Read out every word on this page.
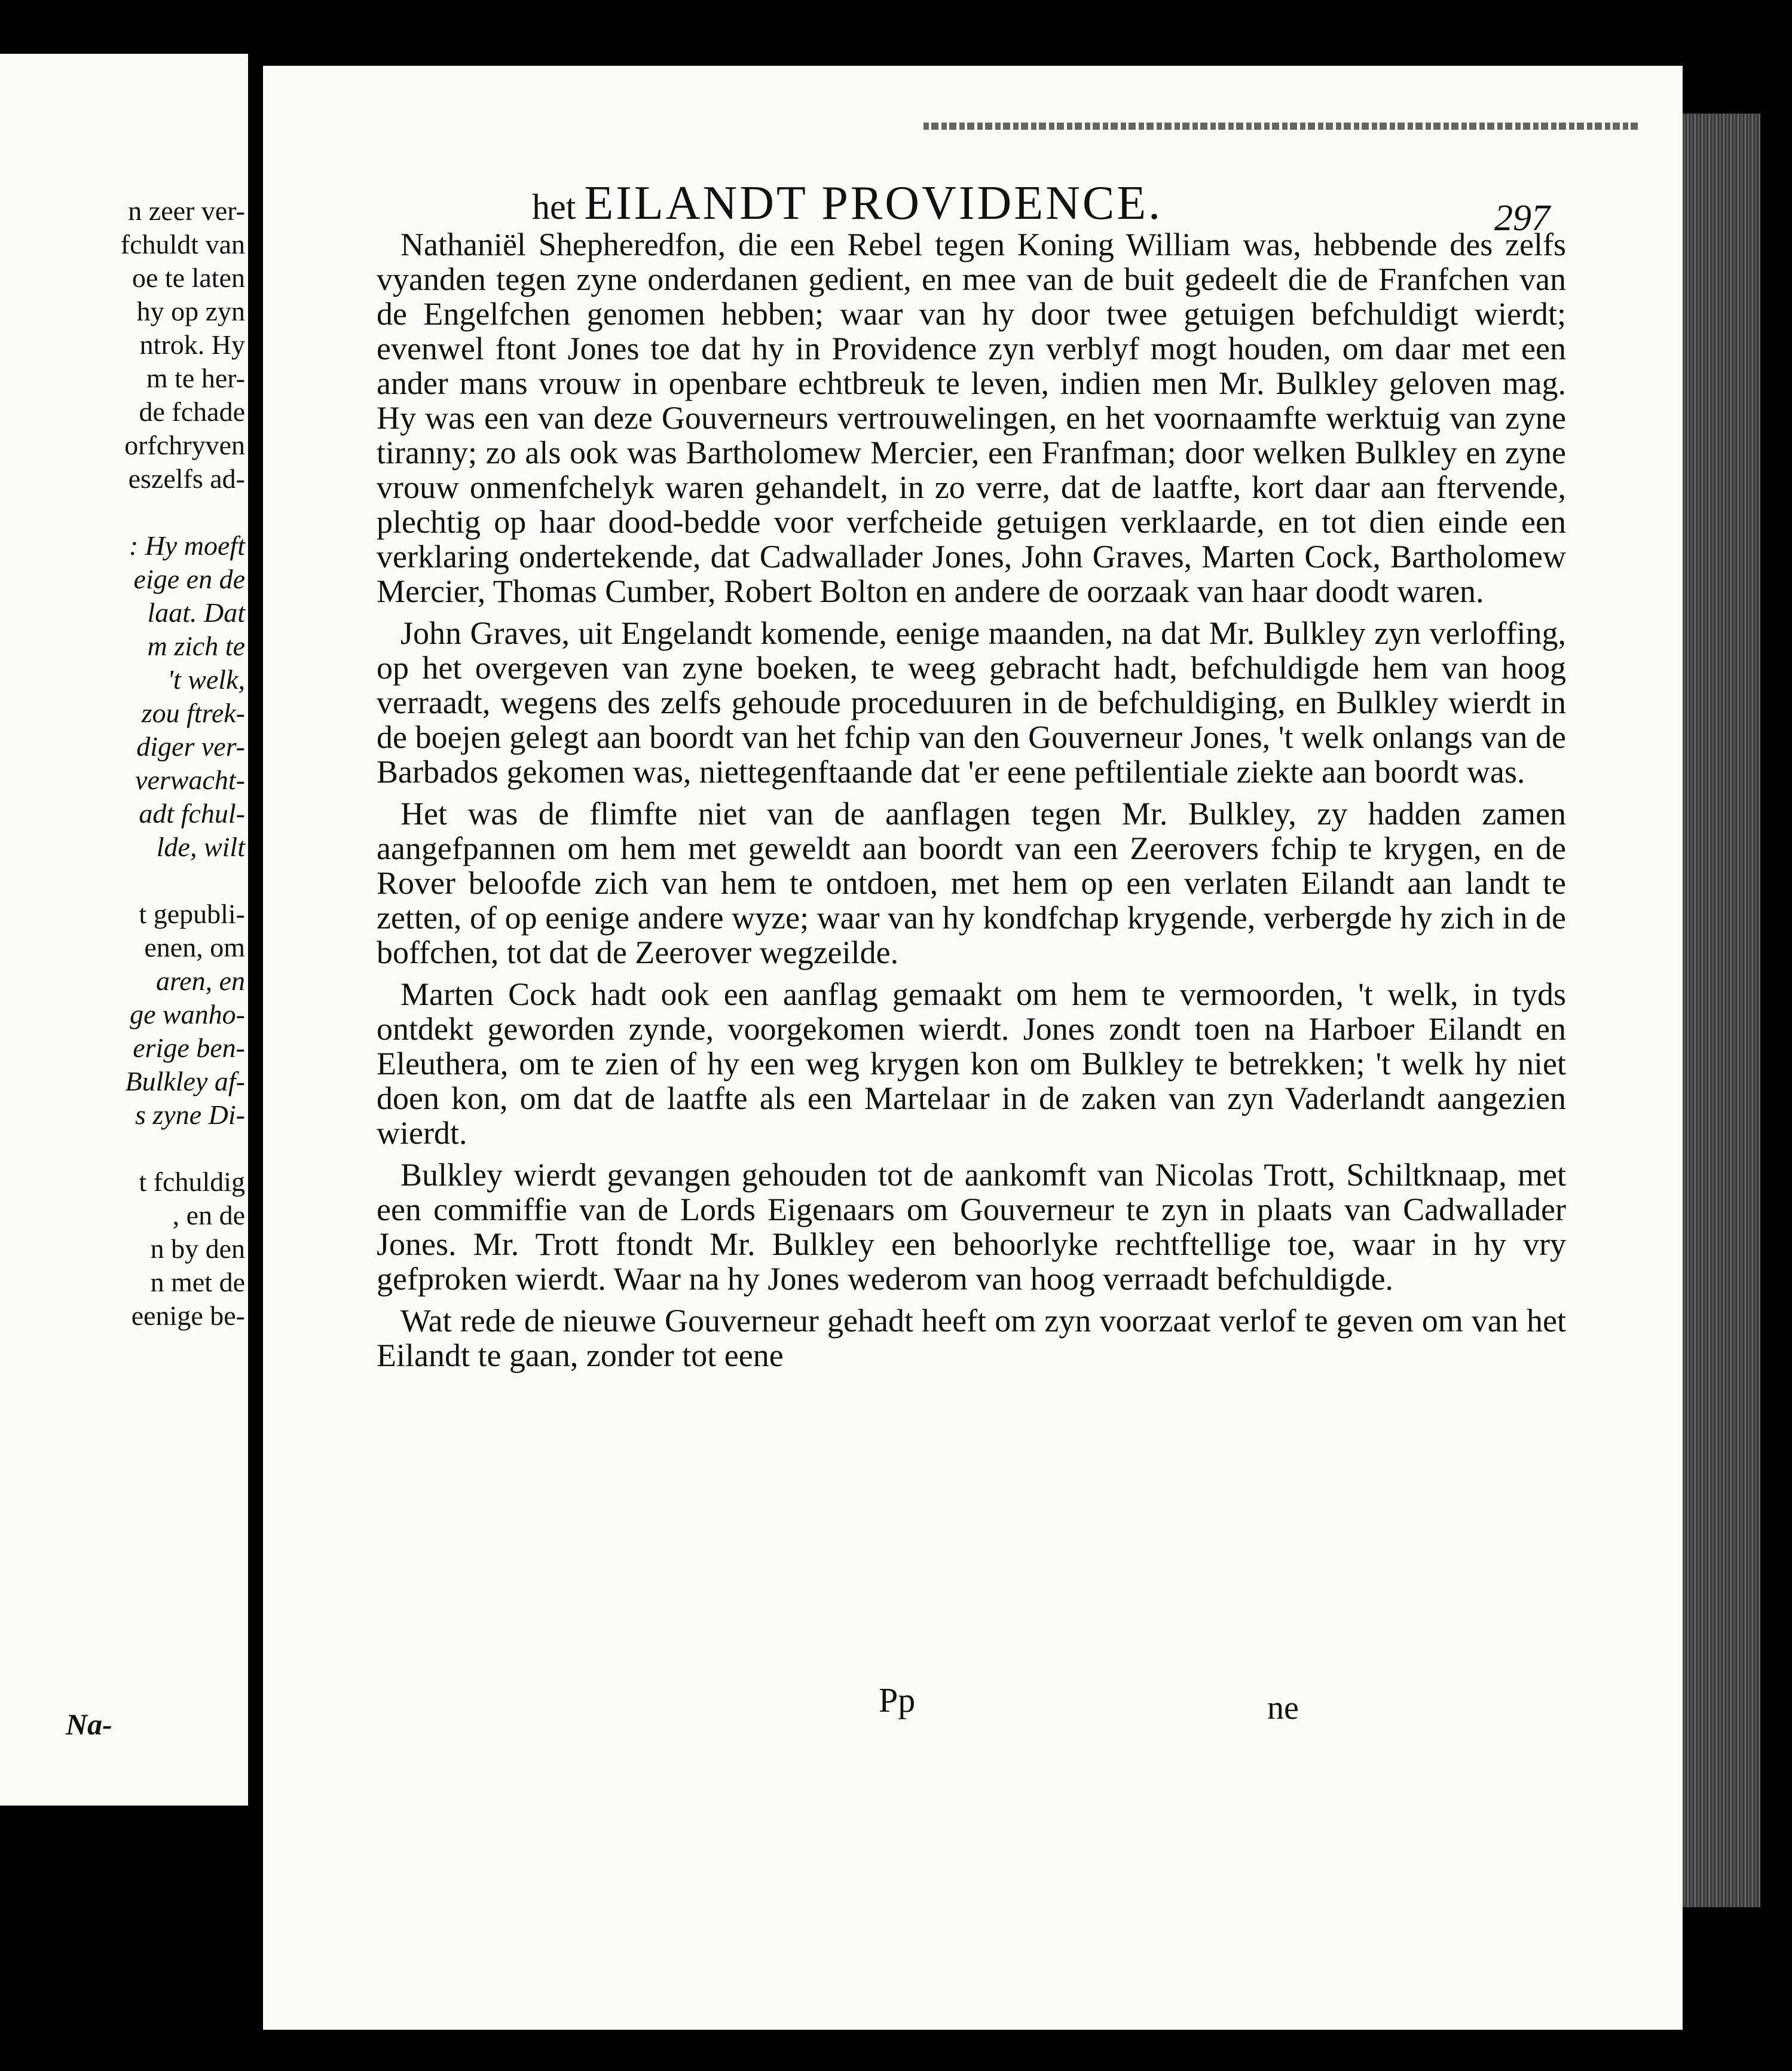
n zeer ver-
fchuldt van
oe te laten
hy op zyn
ntrok. Hy
m te her-
de fchade
orfchryven
eszelfs ad-
: Hy moeft
eige en de
laat. Dat
m zich te
't welk,
zou ftrek-
diger ver-
verwacht-
adt fchul-
lde, wilt
t gepubli-
enen, om
aren, en
ge wanho-
erige ben-
Bulkley af-
s zyne Di-
t fchuldig
, en de
n by den
n met de
eenige be-
Na-
het EILANDT PROVIDENCE.	297

Nathaniël Shepheredfon, die een Rebel tegen Koning William was, hebbende des zelfs vyanden tegen zyne onderdanen gedient, en mee van de buit gedeelt die de Franfchen van de Engelfchen genomen hebben; waar van hy door twee getuigen befchuldigt wierdt; evenwel ftont Jones toe dat hy in Providence zyn verblyf mogt houden, om daar met een ander mans vrouw in openbare echtbreuk te leven, indien men Mr. Bulkley geloven mag. Hy was een van deze Gouverneurs vertrouwelingen, en het voornaamfte werktuig van zyne tiranny; zo als ook was Bartholomew Mercier, een Franfman; door welken Bulkley en zyne vrouw onmenfchelyk waren gehandelt, in zo verre, dat de laatfte, kort daar aan ftervende, plechtig op haar dood-bedde voor verfcheide getuigen verklaarde, en tot dien einde een verklaring ondertekende, dat Cadwallader Jones, John Graves, Marten Cock, Bartholomew Mercier, Thomas Cumber, Robert Bolton en andere de oorzaak van haar doodt waren.

John Graves, uit Engelandt komende, eenige maanden, na dat Mr. Bulkley zyn verloffing, op het overgeven van zyne boeken, te weeg gebracht hadt, befchuldigde hem van hoog verraadt, wegens des zelfs gehoude proceduuren in de befchuldiging, en Bulkley wierdt in de boejen gelegt aan boordt van het fchip van den Gouverneur Jones, 't welk onlangs van de Barbados gekomen was, niettegenftaande dat 'er eene peftilentiale ziekte aan boordt was.

Het was de flimfte niet van de aanflagen tegen Mr. Bulkley, zy hadden zamen aangefpannen om hem met geweldt aan boordt van een Zeerovers fchip te krygen, en de Rover beloofde zich van hem te ontdoen, met hem op een verlaten Eilandt aan landt te zetten, of op eenige andere wyze; waar van hy kondfchap krygende, verbergde hy zich in de boffchen, tot dat de Zeerover wegzeilde.

Marten Cock hadt ook een aanflag gemaakt om hem te vermoorden, 't welk, in tyds ontdekt geworden zynde, voorgekomen wierdt. Jones zondt toen na Harboer Eilandt en Eleuthera, om te zien of hy een weg krygen kon om Bulkley te betrekken; 't welk hy niet doen kon, om dat de laatfte als een Martelaar in de zaken van zyn Vaderlandt aangezien wierdt.

Bulkley wierdt gevangen gehouden tot de aankomft van Nicolas Trott, Schiltknaap, met een commiffie van de Lords Eigenaars om Gouverneur te zyn in plaats van Cadwallader Jones. Mr. Trott ftondt Mr. Bulkley een behoorlyke rechtftellige toe, waar in hy vry gefproken wierdt. Waar na hy Jones wederom van hoog verraadt befchuldigde.

Wat rede de nieuwe Gouverneur gehadt heeft om zyn voorzaat verlof te geven om van het Eilandt te gaan, zonder tot eene

Pp	ne
